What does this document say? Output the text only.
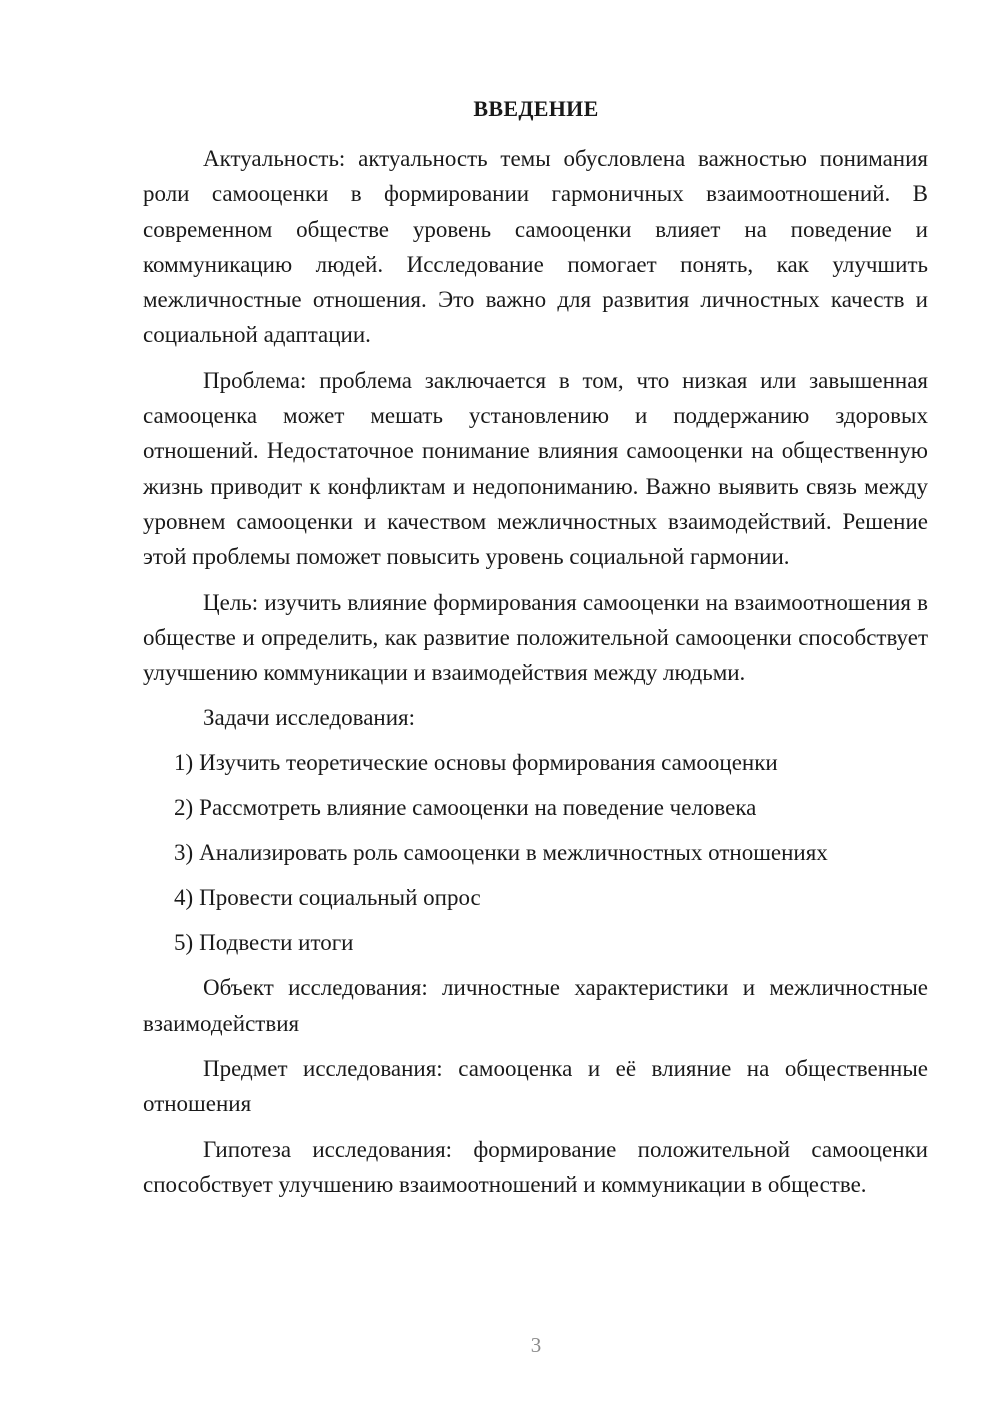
ВВЕДЕНИЕ

Актуальность: актуальность темы обусловлена важностью понимания роли самооценки в формировании гармоничных взаимоотношений. В современном обществе уровень самооценки влияет на поведение и коммуникацию людей. Исследование помогает понять, как улучшить межличностные отношения. Это важно для развития личностных качеств и социальной адаптации.

Проблема: проблема заключается в том, что низкая или завышенная самооценка может мешать установлению и поддержанию здоровых отношений. Недостаточное понимание влияния самооценки на общественную жизнь приводит к конфликтам и недопониманию. Важно выявить связь между уровнем самооценки и качеством межличностных взаимодействий. Решение этой проблемы поможет повысить уровень социальной гармонии.

Цель: изучить влияние формирования самооценки на взаимоотношения в обществе и определить, как развитие положительной самооценки способствует улучшению коммуникации и взаимодействия между людьми.

Задачи исследования:

1) Изучить теоретические основы формирования самооценки
2) Рассмотреть влияние самооценки на поведение человека
3) Анализировать роль самооценки в межличностных отношениях
4) Провести социальный опрос
5) Подвести итоги

Объект исследования: личностные характеристики и межличностные взаимодействия

Предмет исследования: самооценка и её влияние на общественные отношения

Гипотеза исследования: формирование положительной самооценки способствует улучшению взаимоотношений и коммуникации в обществе.

3
